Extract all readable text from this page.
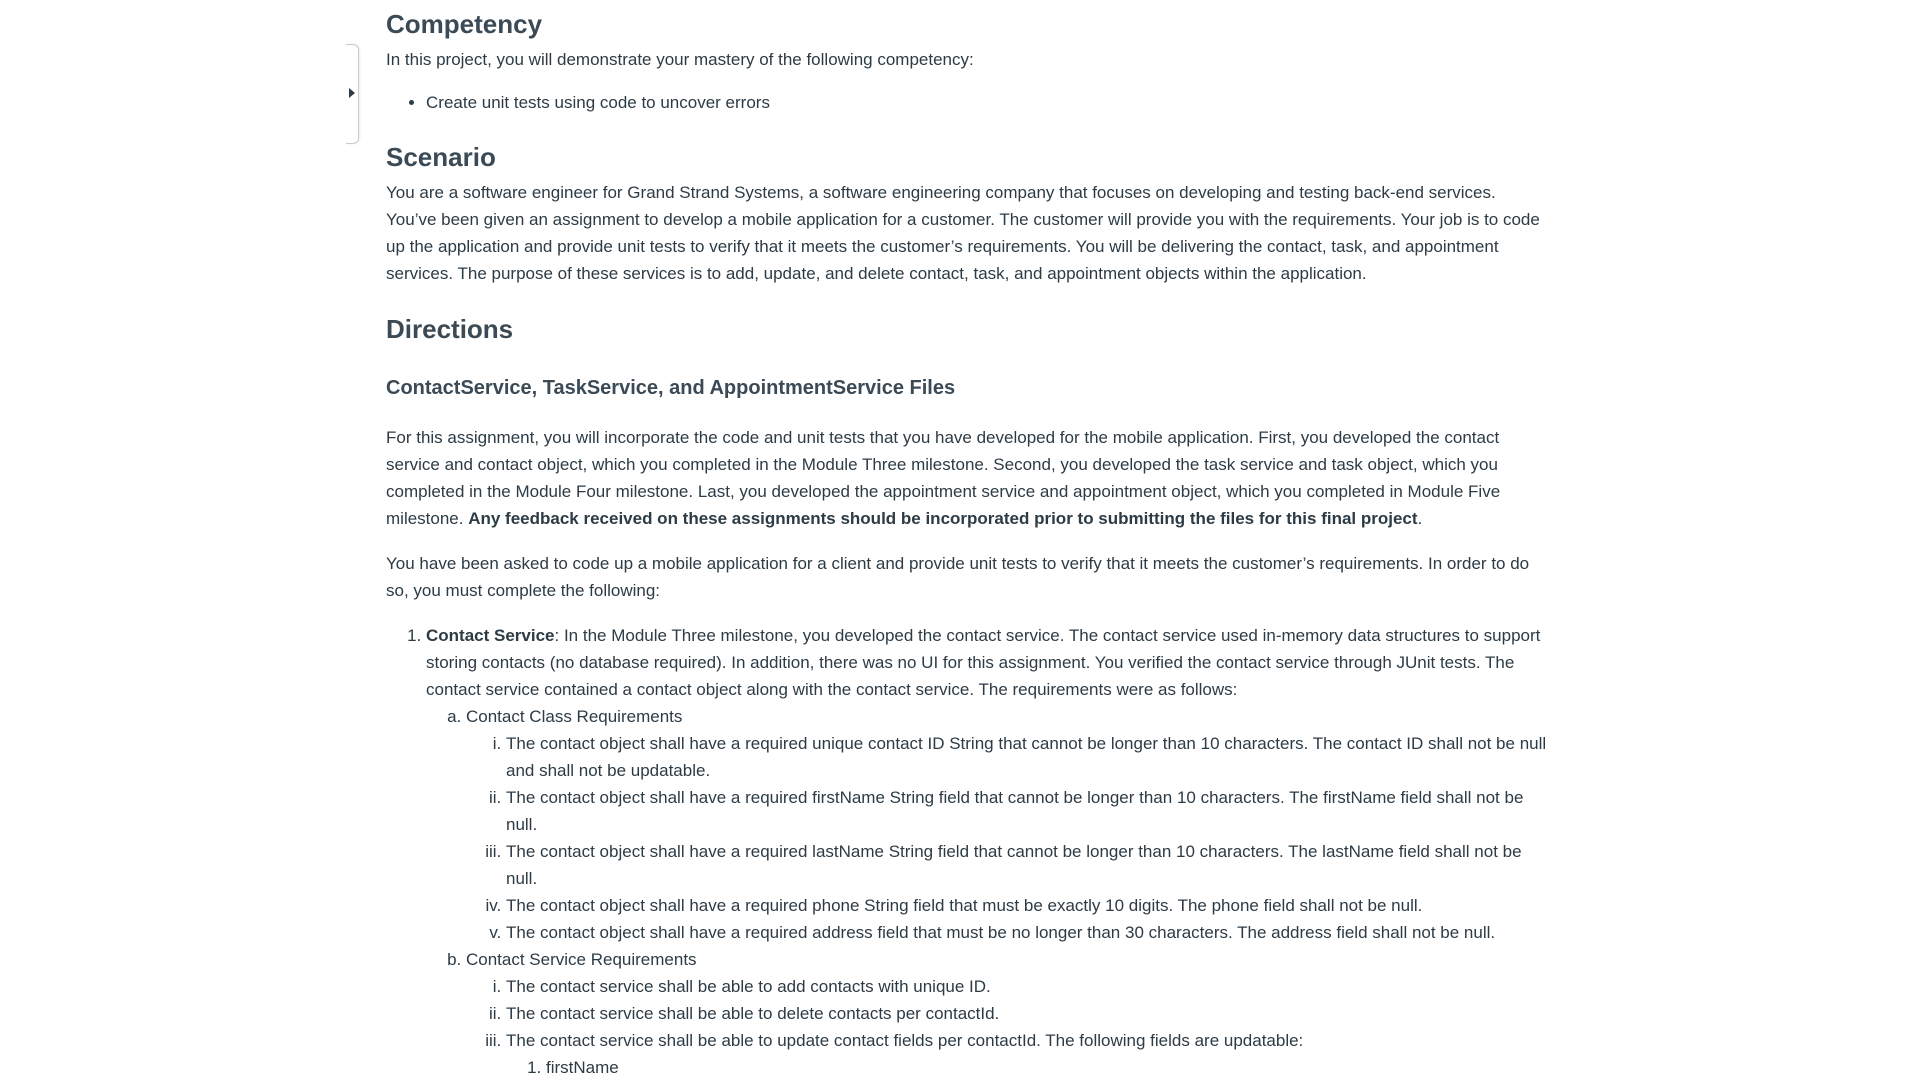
Competency

In this project, you will demonstrate your mastery of the following competency:

• Create unit tests using code to uncover errors
Scenario

You are a software engineer for Grand Strand Systems, a software engineering company that focuses on developing and testing back-end services. You’ve been given an assignment to develop a mobile application for a customer. The customer will provide you with the requirements. Your job is to code up the application and provide unit tests to verify that it meets the customer’s requirements. You will be delivering the contact, task, and appointment services. The purpose of these services is to add, update, and delete contact, task, and appointment objects within the application.

Directions
ContactService, TaskService, and AppointmentService Files

For this assignment, you will incorporate the code and unit tests that you have developed for the mobile application. First, you developed the contact service and contact object, which you completed in the Module Three milestone. Second, you developed the task service and task object, which you completed in the Module Four milestone. Last, you developed the appointment service and appointment object, which you completed in Module Five milestone. Any feedback received on these assignments should be incorporated prior to submitting the files for this final project.

You have been asked to code up a mobile application for a client and provide unit tests to verify that it meets the customer’s requirements. In order to do so, you must complete the following:

1. Contact Service: In the Module Three milestone, you developed the contact service. The contact service used in-memory data structures to support storing contacts (no database required). In addition, there was no UI for this assignment. You verified the contact service through JUnit tests. The contact service contained a contact object along with the contact service. The requirements were as follows:
a. Contact Class Requirements
i. The contact object shall have a required unique contact ID String that cannot be longer than 10 characters. The contact ID shall not be null and shall not be updatable.
ii. The contact object shall have a required firstName String field that cannot be longer than 10 characters. The firstName field shall not be null.
iii. The contact object shall have a required lastName String field that cannot be longer than 10 characters. The lastName field shall not be null.
iv. The contact object shall have a required phone String field that must be exactly 10 digits. The phone field shall not be null.
v. The contact object shall have a required address field that must be no longer than 30 characters. The address field shall not be null.
b. Contact Service Requirements
i. The contact service shall be able to add contacts with unique ID.
ii. The contact service shall be able to delete contacts per contactId.
iii. The contact service shall be able to update contact fields per contactId. The following fields are updatable:
1. firstName
